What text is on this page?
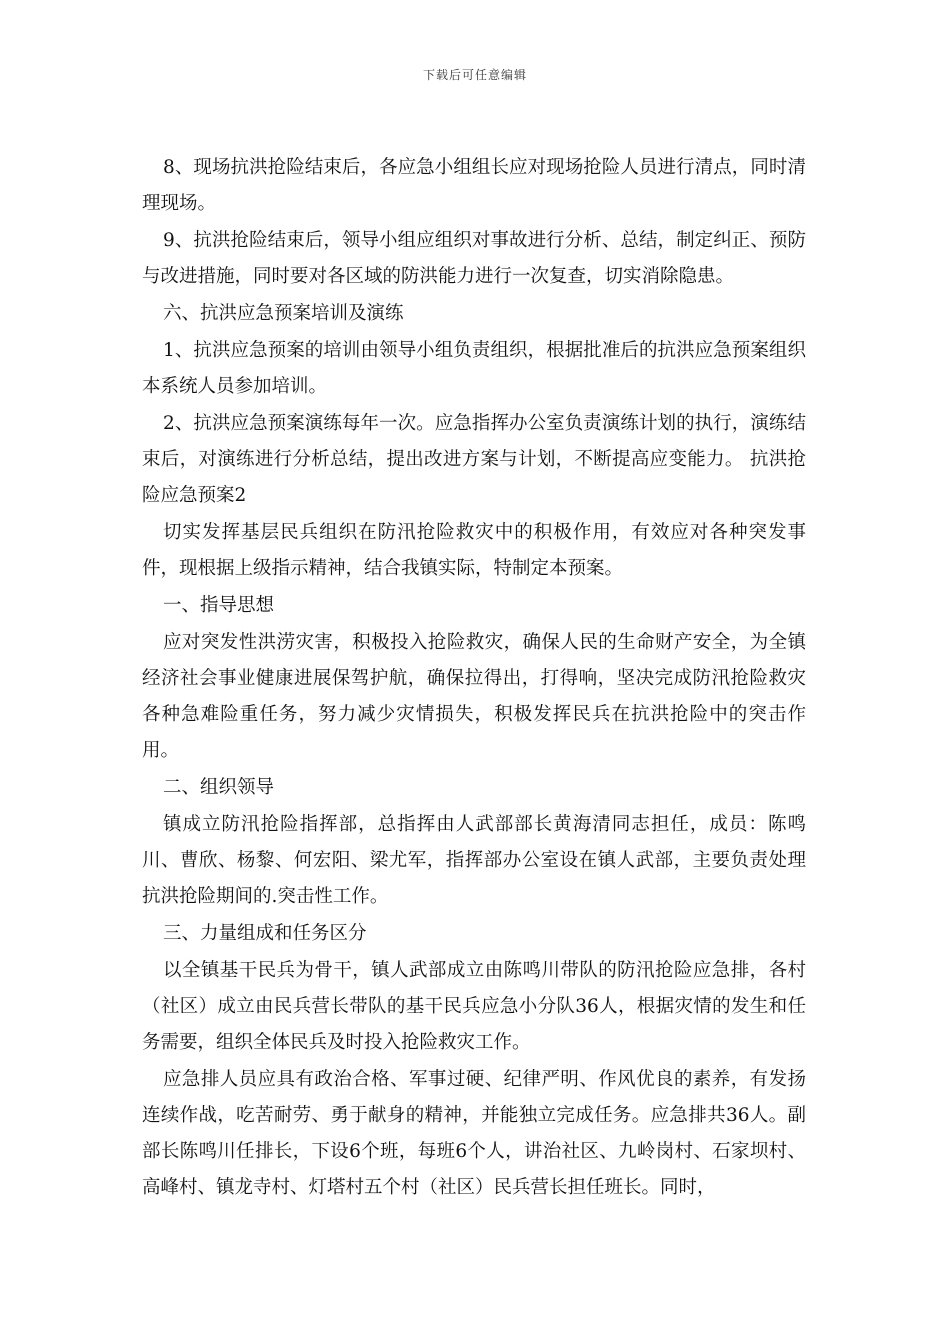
下载后可任意编辑

8、现场抗洪抢险结束后，各应急小组组长应对现场抢险人员进行清点，同时清理现场。

9、抗洪抢险结束后，领导小组应组织对事故进行分析、总结，制定纠正、预防与改进措施，同时要对各区域的防洪能力进行一次复查，切实消除隐患。

六、抗洪应急预案培训及演练

1、抗洪应急预案的培训由领导小组负责组织，根据批准后的抗洪应急预案组织本系统人员参加培训。

2、抗洪应急预案演练每年一次。应急指挥办公室负责演练计划的执行，演练结束后，对演练进行分析总结，提出改进方案与计划，不断提高应变能力。 抗洪抢险应急预案2

切实发挥基层民兵组织在防汛抢险救灾中的积极作用，有效应对各种突发事件，现根据上级指示精神，结合我镇实际，特制定本预案。

一、指导思想

应对突发性洪涝灾害，积极投入抢险救灾，确保人民的生命财产安全，为全镇经济社会事业健康进展保驾护航，确保拉得出，打得响，坚决完成防汛抢险救灾各种急难险重任务，努力减少灾情损失，积极发挥民兵在抗洪抢险中的突击作用。

二、组织领导

镇成立防汛抢险指挥部，总指挥由人武部部长黄海清同志担任，成员：陈鸣川、曹欣、杨黎、何宏阳、梁尤军，指挥部办公室设在镇人武部，主要负责处理抗洪抢险期间的.突击性工作。

三、力量组成和任务区分

以全镇基干民兵为骨干，镇人武部成立由陈鸣川带队的防汛抢险应急排，各村（社区）成立由民兵营长带队的基干民兵应急小分队36人，根据灾情的发生和任务需要，组织全体民兵及时投入抢险救灾工作。

应急排人员应具有政治合格、军事过硬、纪律严明、作风优良的素养，有发扬连续作战，吃苦耐劳、勇于献身的精神，并能独立完成任务。应急排共36人。副部长陈鸣川任排长，下设6个班，每班6个人，讲治社区、九岭岗村、石家坝村、高峰村、镇龙寺村、灯塔村五个村（社区）民兵营长担任班长。同时，
